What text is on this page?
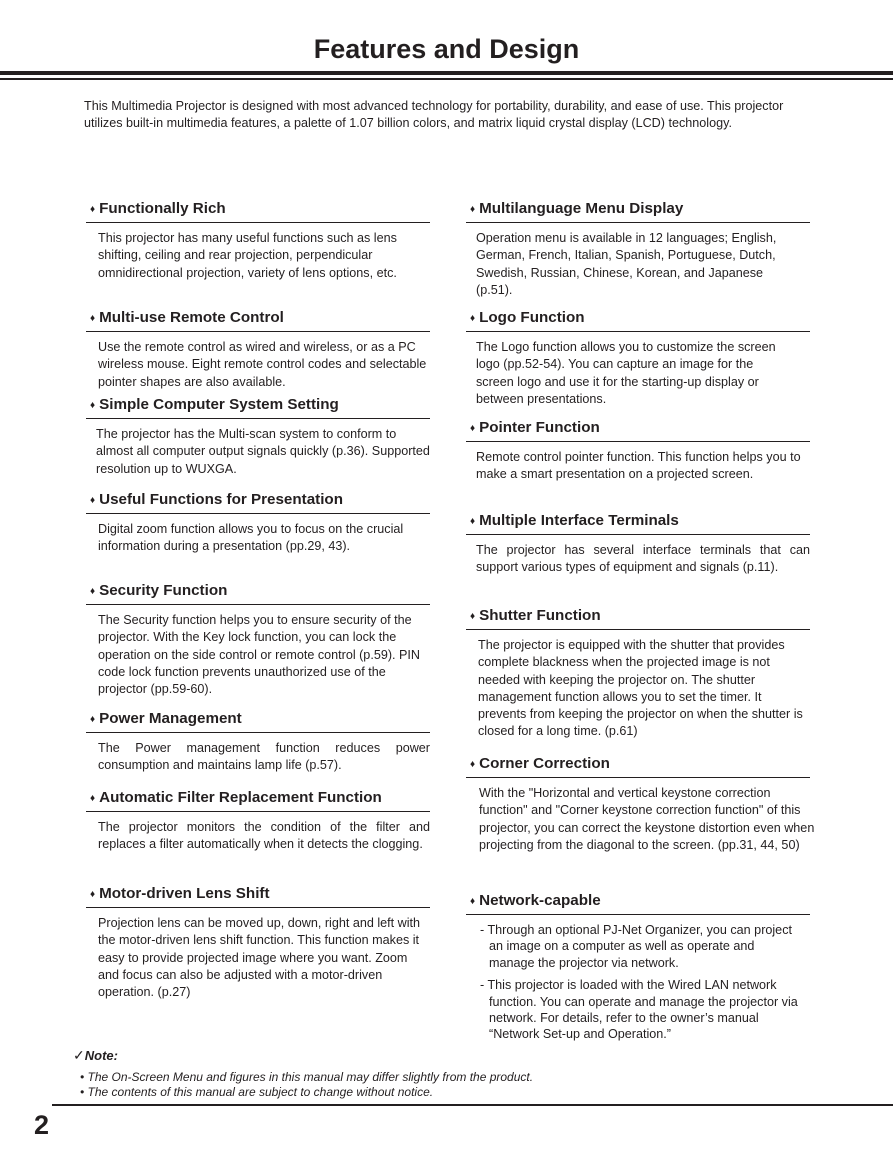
Features and Design
This Multimedia Projector is designed with most advanced technology for portability, durability, and ease of use. This projector utilizes built-in multimedia features, a palette of 1.07 billion colors, and matrix liquid crystal display (LCD) technology.
♦ Functionally Rich
This projector has many useful functions such as lens shifting, ceiling and rear projection, perpendicular omnidirectional projection, variety of lens options, etc.
♦ Multi-use Remote Control
Use the remote control as wired and wireless, or as a PC wireless mouse. Eight remote control codes and selectable pointer shapes are also available.
♦ Simple Computer System Setting
The projector has the Multi-scan system to conform to almost all computer output signals quickly (p.36). Supported resolution up to WUXGA.
♦ Useful Functions for Presentation
Digital zoom function allows you to focus on the crucial information during a presentation (pp.29, 43).
♦ Security Function
The Security function helps you to ensure security of the projector. With the Key lock function, you can lock the operation on the side control or remote control (p.59). PIN code lock function prevents unauthorized use of the projector (pp.59-60).
♦ Power Management
The Power management function reduces power consumption and maintains lamp life (p.57).
♦ Automatic Filter Replacement Function
The projector monitors the condition of the filter and replaces a filter automatically when it detects the clogging.
♦ Motor-driven Lens Shift
Projection lens can be moved up, down, right and left with the motor-driven lens shift function. This function makes it easy to provide projected image where you want. Zoom and focus can also be adjusted with a motor-driven operation. (p.27)
♦ Multilanguage Menu Display
Operation menu is available in 12 languages; English, German, French, Italian, Spanish, Portuguese, Dutch, Swedish, Russian, Chinese, Korean, and Japanese (p.51).
♦ Logo Function
The Logo function allows you to customize the screen logo (pp.52-54). You can capture an image for the screen logo and use it for the starting-up display or between presentations.
♦ Pointer Function
Remote control pointer function. This function helps you to make a smart presentation on a projected screen.
♦ Multiple Interface Terminals
The projector has several interface terminals that can support various types of equipment and signals (p.11).
♦ Shutter Function
The projector is equipped with the shutter that provides complete blackness when the projected image is not needed with keeping the projector on. The shutter management function allows you to set the timer. It prevents from keeping the projector on when the shutter is closed for a long time. (p.61)
♦ Corner Correction
With the "Horizontal and vertical keystone correction function" and "Corner keystone correction function" of this projector, you can correct the keystone distortion even when projecting from the diagonal to the screen. (pp.31, 44, 50)
♦ Network-capable
- Through an optional PJ-Net Organizer, you can project an image on a computer as well as operate and manage the projector via network.
- This projector is loaded with the Wired LAN network function. You can operate and manage the projector via network. For details, refer to the owner’s manual “Network Set-up and Operation.”
✓Note:
• The On-Screen Menu and figures in this manual may differ slightly from the product.
• The contents of this manual are subject to change without notice.
2
